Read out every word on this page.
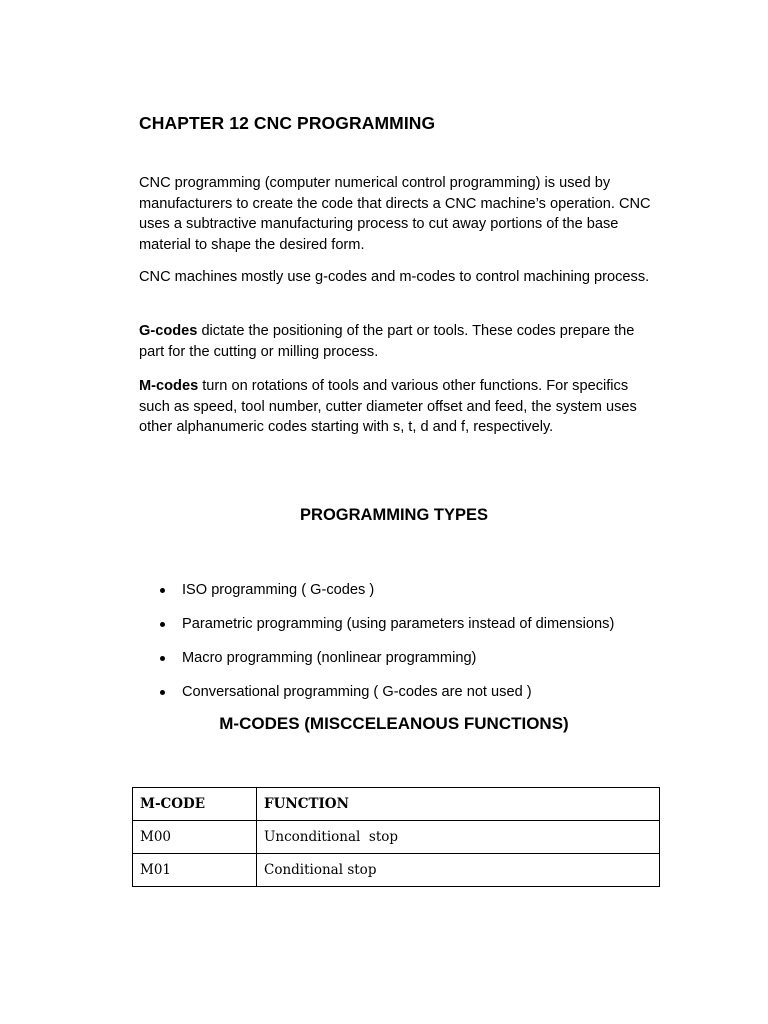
CHAPTER 12 CNC PROGRAMMING

CNC programming (computer numerical control programming) is used by manufacturers to create the code that directs a CNC machine’s operation. CNC uses a subtractive manufacturing process to cut away portions of the base material to shape the desired form.

CNC machines mostly use g-codes and m-codes to control machining process.

G-codes dictate the positioning of the part or tools. These codes prepare the part for the cutting or milling process.

M-codes turn on rotations of tools and various other functions. For specifics such as speed, tool number, cutter diameter offset and feed, the system uses other alphanumeric codes starting with s, t, d and f, respectively.

PROGRAMMING TYPES
ISO programming ( G-codes )
Parametric programming (using parameters instead of dimensions)
Macro programming (nonlinear programming)
Conversational programming ( G-codes are not used )
M-CODES (MISCCELEANOUS FUNCTIONS)
M-CODE	FUNCTION
M00	Unconditional  stop
M01	Conditional stop
